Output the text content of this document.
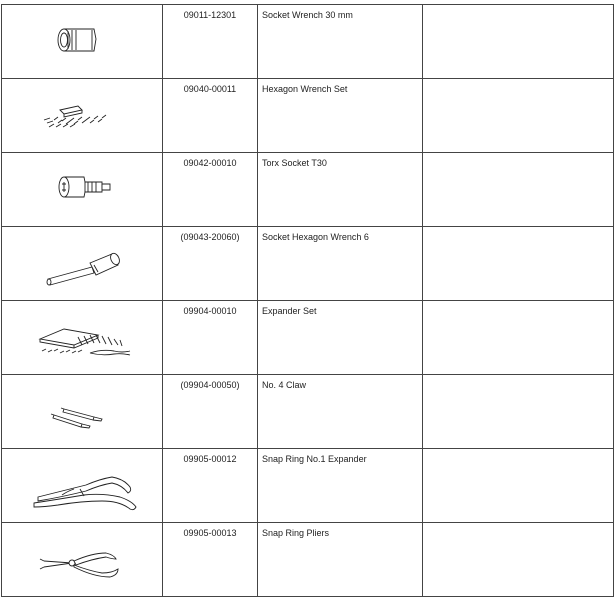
	09011-12301	Socket Wrench 30 mm	

	09040-00011	Hexagon Wrench Set	

	09042-00010	Torx Socket T30	

	(09043-20060)	Socket Hexagon Wrench 6	

	09904-00010	Expander Set	

	(09904-00050)	No. 4 Claw	

	09905-00012	Snap Ring No.1 Expander	

	09905-00013	Snap Ring Pliers	
